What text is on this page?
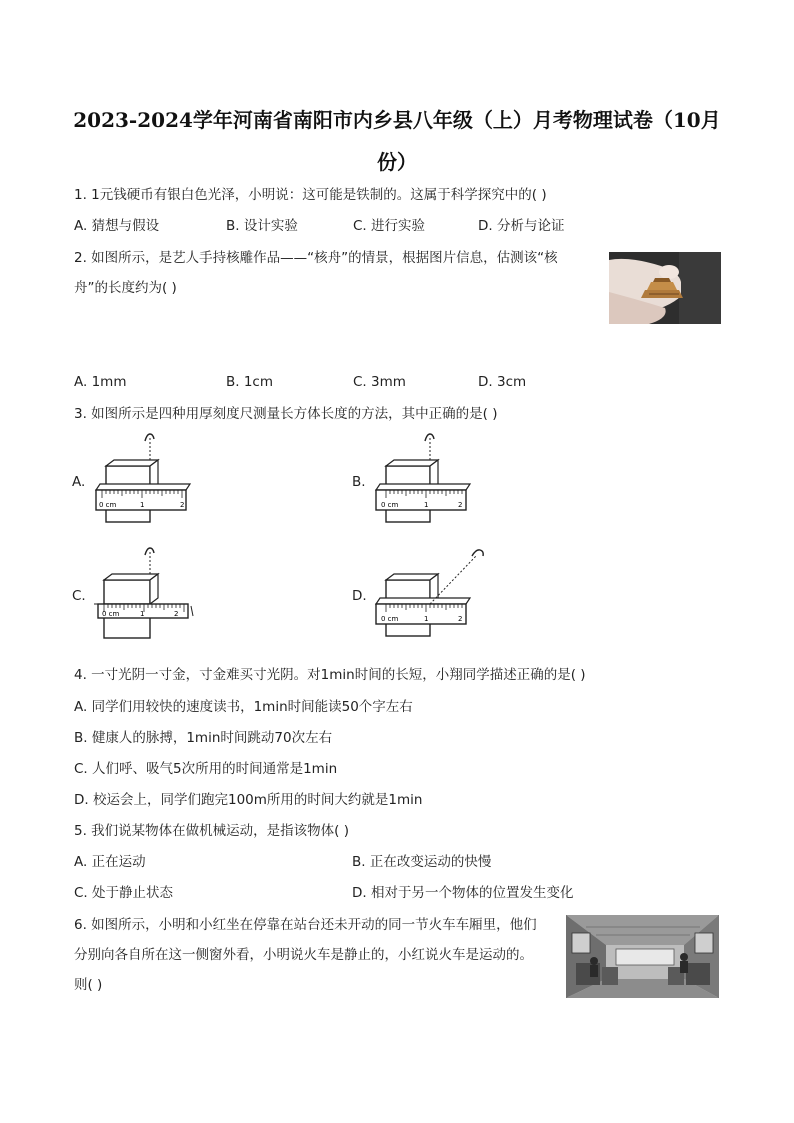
2023-2024学年河南省南阳市内乡县八年级（上）月考物理试卷（10月
份）
1. 1元钱硬币有银白色光泽，小明说：这可能是铁制的。这属于科学探究中的( )
A. 猜想与假设	B. 设计实验	C. 进行实验	D. 分析与论证
2. 如图所示，是艺人手持核雕作品——“核舟”的情景，根据图片信息，估测该“核
舟”的长度约为( )
A. 1mm	B. 1cm	C. 3mm	D. 3cm
3. 如图所示是四种用厚刻度尺测量长方体长度的方法，其中正确的是( )
A.	B.
C.	D.
0 cm	1	2	0 cm	1	2
0 cm	1	2
0 cm	1	2
4. 一寸光阴一寸金，寸金难买寸光阴。对1min时间的长短，小翔同学描述正确的是( )
A. 同学们用较快的速度读书，1min时间能读50个字左右
B. 健康人的脉搏，1min时间跳动70次左右
C. 人们呼、吸气5次所用的时间通常是1min
D. 校运会上，同学们跑完100m所用的时间大约就是1min
5. 我们说某物体在做机械运动，是指该物体( )
A. 正在运动	B. 正在改变运动的快慢
C. 处于静止状态	D. 相对于另一个物体的位置发生变化
6. 如图所示，小明和小红坐在停靠在站台还未开动的同一节火车车厢里，他们
分别向各自所在这一侧窗外看，小明说火车是静止的，小红说火车是运动的。
则( )
